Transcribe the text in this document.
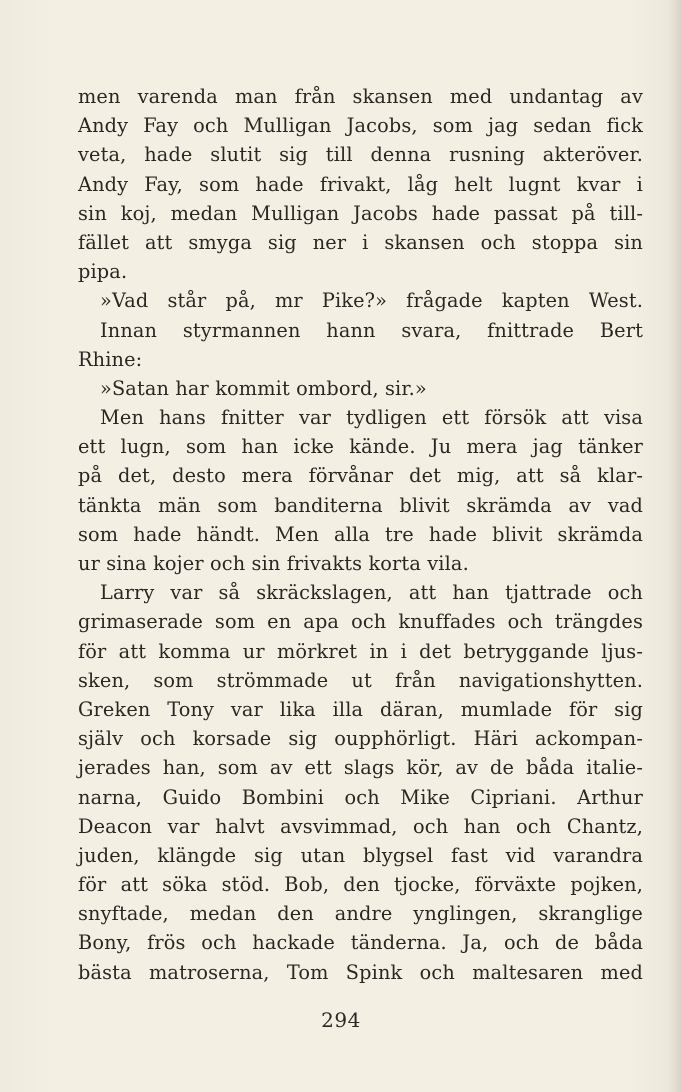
men varenda man från skansen med undantag av
Andy Fay och Mulligan Jacobs, som jag sedan fick
veta, hade slutit sig till denna rusning akteröver.
Andy Fay, som hade frivakt, låg helt lugnt kvar i
sin koj, medan Mulligan Jacobs hade passat på till-
fället att smyga sig ner i skansen och stoppa sin
pipa.
»Vad står på, mr Pike?» frågade kapten West.
Innan styrmannen hann svara, fnittrade Bert
Rhine:
»Satan har kommit ombord, sir.»
Men hans fnitter var tydligen ett försök att visa
ett lugn, som han icke kände. Ju mera jag tänker
på det, desto mera förvånar det mig, att så klar-
tänkta män som banditerna blivit skrämda av vad
som hade händt. Men alla tre hade blivit skrämda
ur sina kojer och sin frivakts korta vila.
Larry var så skräckslagen, att han tjattrade och
grimaserade som en apa och knuffades och trängdes
för att komma ur mörkret in i det betryggande ljus-
sken, som strömmade ut från navigationshytten.
Greken Tony var lika illa däran, mumlade för sig
själv och korsade sig oupphörligt. Häri ackompan-
jerades han, som av ett slags kör, av de båda italie-
narna, Guido Bombini och Mike Cipriani. Arthur
Deacon var halvt avsvimmad, och han och Chantz,
juden, klängde sig utan blygsel fast vid varandra
för att söka stöd. Bob, den tjocke, förväxte pojken,
snyftade, medan den andre ynglingen, skranglige
Bony, frös och hackade tänderna. Ja, och de båda
bästa matroserna, Tom Spink och maltesaren med
294
